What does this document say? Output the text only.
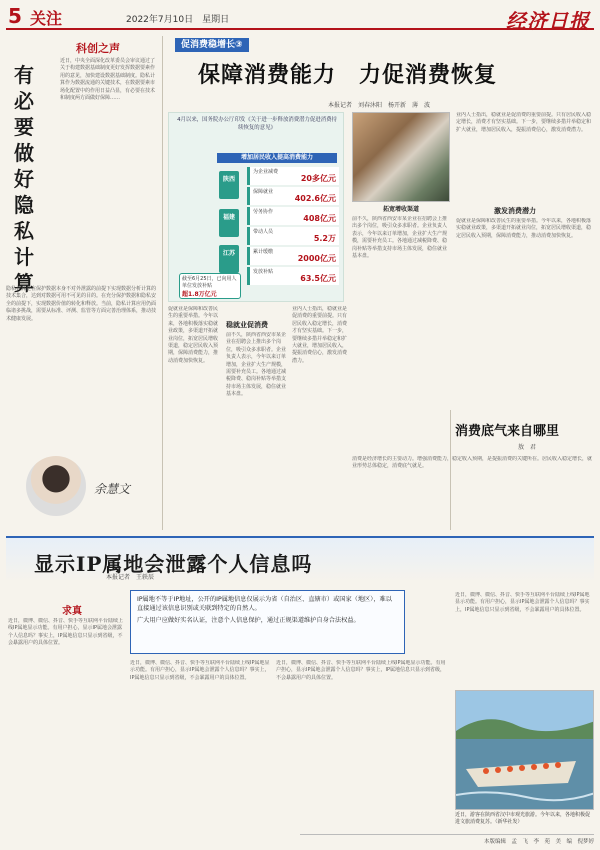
5 关注	2022年7月10日　星期日	经济日报
科创之声
有必要做好隐私计算

近日，中央全面深化改革委员会审议通过了关于构建数据基础制度更好发挥数据要素作用的意见，加快建设数据基础制度。隐私计算作为数据流通的关键技术，在数据要素市场化配置中的作用日益凸显，有必要在技术和制度两方面做好保障……

隐私计算是在保护数据本身不对外泄露的前提下实现数据分析计算的技术集合，达到对数据可用不可见的目的。在充分保护数据和隐私安全的前提下，实现数据价值的转化和释放。当前，隐私计算应用仍面临诸多挑战，需要从标准、评测、监管等方面完善治理体系，推动技术健康发展。

余慧文
促消费稳增长③
保障消费能力　力促消费恢复
本报记者　刘春沐阳　杨开新　薄　波

4月以来，国务院办公厅印发《关于进一步释放消费潜力促进消费持续恢复的意见》

增加居民收入提高消费能力
陕西
福建
江苏
为企业减费
20多亿元
保障就业
402.6亿元
劳务协作
408亿元
带动人员
5.2万
累计缓缴
2000亿元
发放补贴
63.5亿元
截至6月25日，已向用人单位发放补贴
超1.8万亿元
稳就业促消费

促就业是保障和改善民生的重要举措。今年以来，各地积极落实稳就业政策，多渠道开拓就业岗位，拓宽居民增收渠道，稳定居民收入预期，保障消费能力，推动消费加快恢复。

前不久，陕西省西安市某企业在招聘会上推出多个岗位，吸引众多求职者。企业负责人表示，今年以来订单增加，企业扩大生产规模，需要补充员工。各地通过减税降费、稳岗补贴等举措支持市场主体发展，稳住就业基本盘。

业内人士指出，稳就业是促消费的重要前提。只有居民收入稳定增长，消费才有坚实基础。下一步，要继续多措并举稳定和扩大就业，增加居民收入，提振消费信心，激发消费潜力。

拓宽增收渠道

前不久，陕西省西安市某企业在招聘会上推出多个岗位，吸引众多求职者。企业负责人表示，今年以来订单增加，企业扩大生产规模，需要补充员工。各地通过减税降费、稳岗补贴等举措支持市场主体发展，稳住就业基本盘。

激发消费潜力

业内人士指出，稳就业是促消费的重要前提。只有居民收入稳定增长，消费才有坚实基础。下一步，要继续多措并举稳定和扩大就业，增加居民收入，提振消费信心，激发消费潜力。

促就业是保障和改善民生的重要举措。今年以来，各地积极落实稳就业政策，多渠道开拓就业岗位，拓宽居民增收渠道，稳定居民收入预期，保障消费能力，推动消费加快恢复。

消费底气来自哪里
敖　君

消费是经济增长的主要动力。增强消费能力，稳定收入预期，是提振消费的关键所在。居民收入稳定增长，就业形势总体稳定，消费底气就足。

显示IP属地会泄露个人信息吗
本报记者　王轶辰
求真

IP属地不等于IP地址，公开的IP属地信息仅展示为省（自治区、直辖市）或国家（地区），难以直接通过该信息识别或关联到特定的自然人。

广大用户应做好实名认证，注意个人信息保护，通过正规渠道维护自身合法权益。

近日，微博、微信、抖音、快手等互联网平台陆续上线IP属地显示功能。有用户担心，显示IP属地会泄露个人信息吗？事实上，IP属地信息只显示到省级，不会暴露用户的具体位置。

近日，微博、微信、抖音、快手等互联网平台陆续上线IP属地显示功能。有用户担心，显示IP属地会泄露个人信息吗？事实上，IP属地信息只显示到省级，不会暴露用户的具体位置。

近日，微博、微信、抖音、快手等互联网平台陆续上线IP属地显示功能。有用户担心，显示IP属地会泄露个人信息吗？事实上，IP属地信息只显示到省级，不会暴露用户的具体位置。

近日，微博、微信、抖音、快手等互联网平台陆续上线IP属地显示功能。有用户担心，显示IP属地会泄露个人信息吗？事实上，IP属地信息只显示到省级，不会暴露用户的具体位置。

近日，游客在陕西省汉中市观光旅游。今年以来，各地积极促进文旅消费复苏。（新华社发）

本版编辑　孟　飞　李　苑　美　编　倪梦婷
